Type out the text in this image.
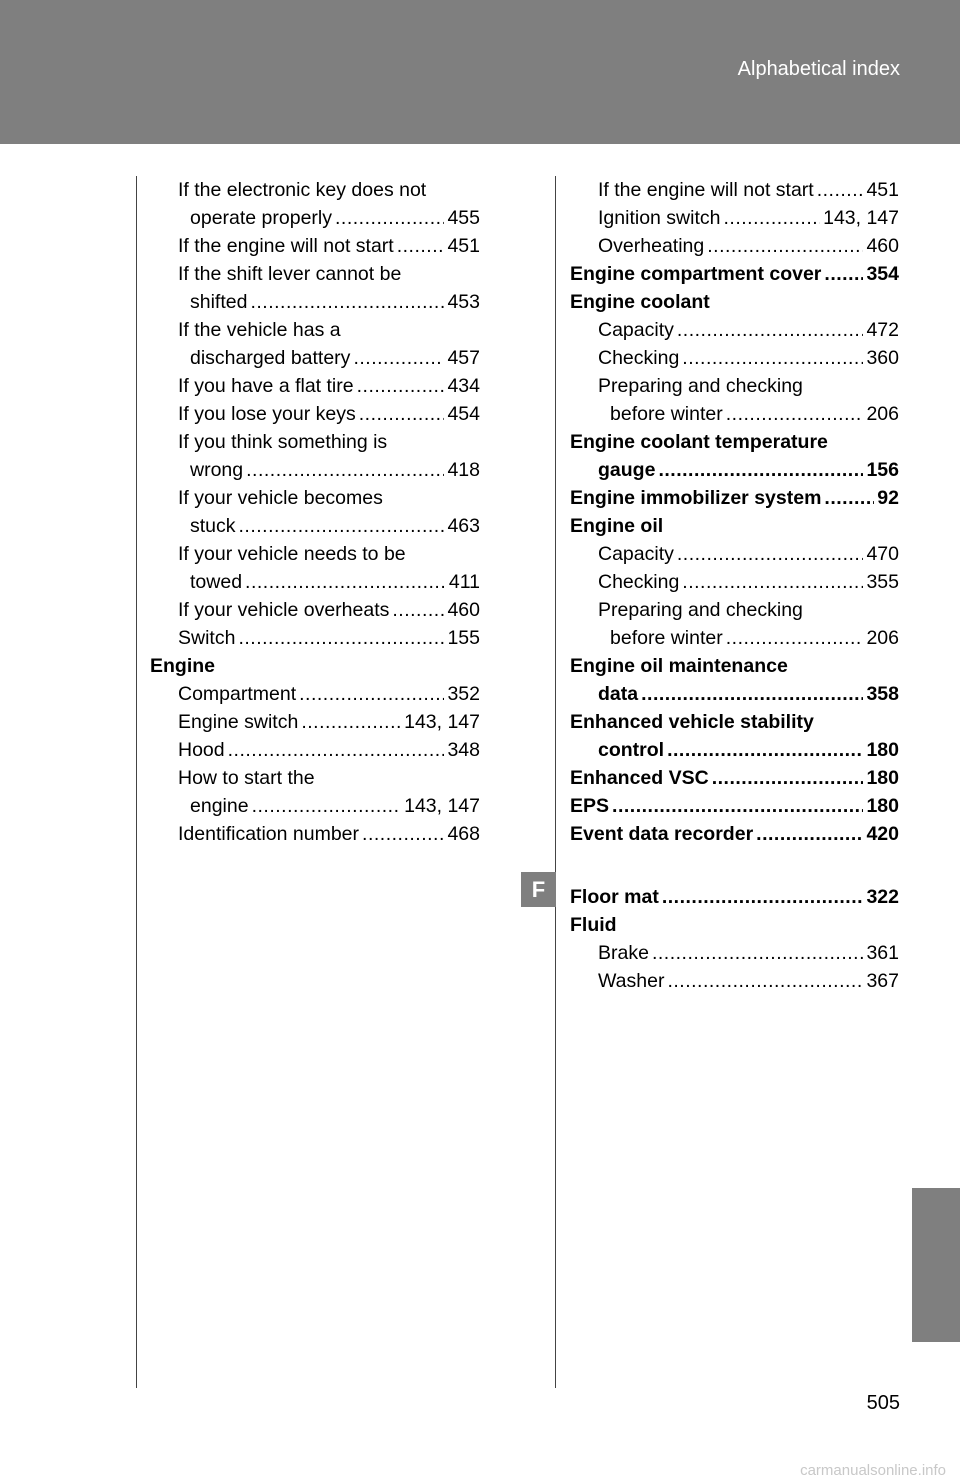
Alphabetical index
If the electronic key does not
operate properly .....	455
If the engine will not start .....	451
If the shift lever cannot be
shifted .....	453
If the vehicle has a
discharged battery .....	457
If you have a flat tire .....	434
If you lose your keys .....	454
If you think something is
wrong .....	418
If your vehicle becomes
stuck .....	463
If your vehicle needs to be
towed .....	411
If your vehicle overheats .....	460
Switch .....	155
Engine
Compartment .....	352
Engine switch .....	143, 147
Hood .....	348
How to start the
engine .....	143, 147
Identification number .....	468
If the engine will not start .....	451
Ignition switch .....	143, 147
Overheating .....	460
Engine compartment cover ..... 354
Engine coolant
Capacity .....	472
Checking .....	360
Preparing and checking
before winter .....	206
Engine coolant temperature
gauge .....	156
Engine immobilizer system .....	92
Engine oil
Capacity .....	470
Checking .....	355
Preparing and checking
before winter .....	206
Engine oil maintenance
data .....	358
Enhanced vehicle stability
control .....	180
Enhanced VSC .....	180
EPS .....	180
Event data recorder .....	420
Floor mat .....	322
Fluid
Brake .....	361
Washer .....	367
F
505
carmanualsonline.info
